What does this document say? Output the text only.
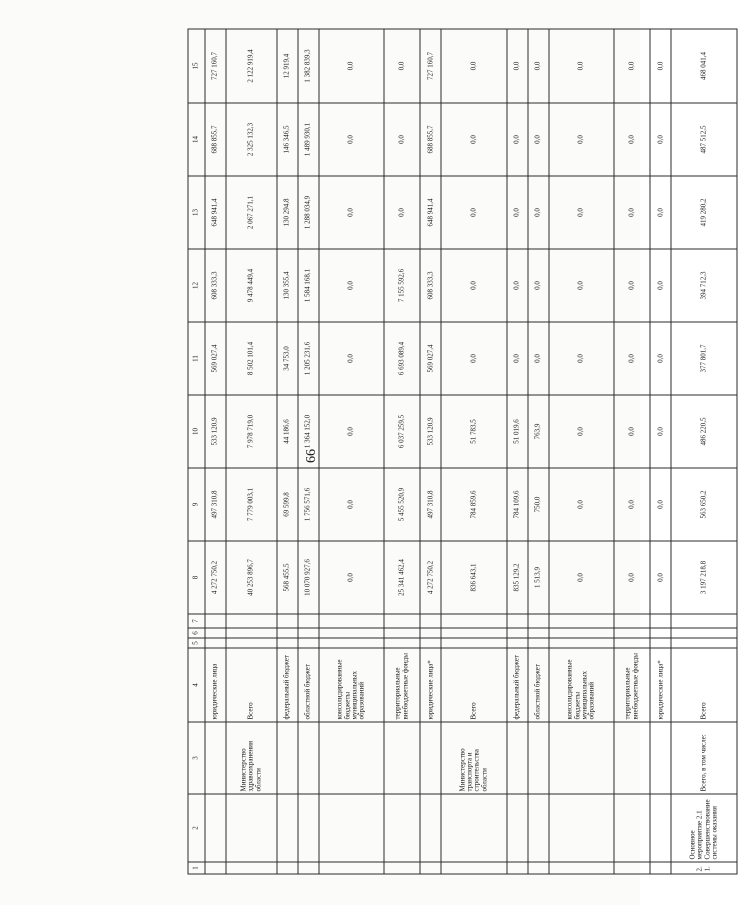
66
1	2	3	4	5	6	7	8	9	10	11	12	13	14	15
			юридические лица				4 272 750,2	497 310,8	533 120,9	569 027,4	608 333,3	648 941,4	688 855,7	727 160,7
		Министерство здравоохранения области	Всего				40 253 896,7	7 779 003,1	7 978 719,0	8 502 101,4	9 478 449,4	2 067 271,1	2 325 132,3	2 122 919,4
			федеральный бюджет				568 455,5	69 599,8	44 186,6	34 753,0	130 355,4	130 294,8	146 346,5	12 919,4
			областной бюджет				10 070 927,6	1 756 571,6	1 364 152,0	1 205 231,6	1 584 168,1	1 288 034,9	1 489 930,1	1 382 839,3
			консолидированные бюджеты муниципальных образований				0,0	0,0	0,0	0,0	0,0	0,0	0,0	0,0
			территориальные внебюджетные фонды				25 341 462,4	5 455 520,9	6 037 259,5	6 693 089,4	7 155 592,6	0,0	0,0	0,0
			юридические лица*				4 272 750,2	497 310,8	533 120,9	569 027,4	608 333,3	648 941,4	688 855,7	727 160,7
		Министерство транспорта и строительства области	Всего				836 643,1	784 859,6	51 783,5	0,0	0,0	0,0	0,0	0,0
			федеральный бюджет				835 129,2	784 109,6	51 019,6	0,0	0,0	0,0	0,0	0,0
			областной бюджет				1 513,9	750,0	763,9	0,0	0,0	0,0	0,0	0,0
			консолидированные бюджеты муниципальных образований				0,0	0,0	0,0	0,0	0,0	0,0	0,0	0,0
			территориальные внебюджетные фонды				0,0	0,0	0,0	0,0	0,0	0,0	0,0	0,0
			юридические лица*				0,0	0,0	0,0	0,0	0,0	0,0	0,0	0,0
2.1.	Основное мероприятие 2.1 Совершенствование системы оказания	Всего, в том числе:	Всего				3 197 218,8	563 650,2	486 220,5	377 801,7	394 712,3	419 280,2	487 512,5	468 041,4
